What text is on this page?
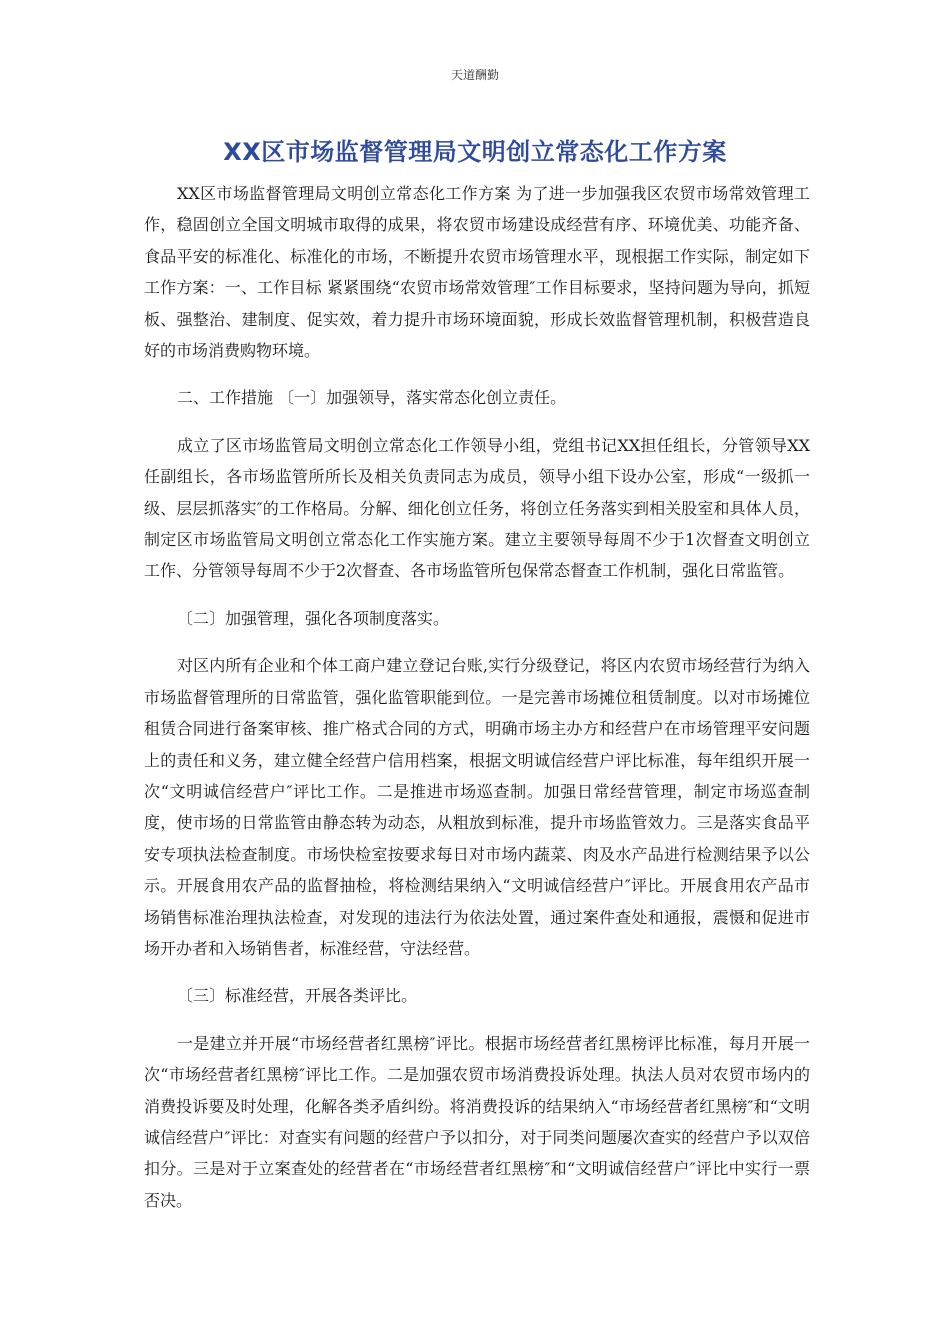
天道酬勤
XX区市场监督管理局文明创立常态化工作方案

XX区市场监督管理局文明创立常态化工作方案 为了进一步加强我区农贸市场常效管理工作，稳固创立全国文明城市取得的成果，将农贸市场建设成经营有序、环境优美、功能齐备、食品平安的标准化、标准化的市场，不断提升农贸市场管理水平，现根据工作实际，制定如下工作方案：一、工作目标 紧紧围绕“农贸市场常效管理″工作目标要求，坚持问题为导向，抓短板、强整治、建制度、促实效，着力提升市场环境面貌，形成长效监督管理机制，积极营造良好的市场消费购物环境。

二、工作措施 〔一〕加强领导，落实常态化创立责任。

成立了区市场监管局文明创立常态化工作领导小组，党组书记XX担任组长，分管领导XX任副组长，各市场监管所所长及相关负责同志为成员，领导小组下设办公室，形成“一级抓一级、层层抓落实″的工作格局。分解、细化创立任务，将创立任务落实到相关股室和具体人员，制定区市场监管局文明创立常态化工作实施方案。建立主要领导每周不少于1次督查文明创立工作、分管领导每周不少于2次督查、各市场监管所包保常态督查工作机制，强化日常监管。

〔二〕加强管理，强化各项制度落实。

对区内所有企业和个体工商户建立登记台账,实行分级登记，将区内农贸市场经营行为纳入市场监督管理所的日常监管，强化监管职能到位。一是完善市场摊位租赁制度。以对市场摊位租赁合同进行备案审核、推广格式合同的方式，明确市场主办方和经营户在市场管理平安问题上的责任和义务，建立健全经营户信用档案，根据文明诚信经营户评比标准，每年组织开展一次“文明诚信经营户″评比工作。二是推进市场巡查制。加强日常经营管理，制定市场巡查制度，使市场的日常监管由静态转为动态，从粗放到标准，提升市场监管效力。三是落实食品平安专项执法检查制度。市场快检室按要求每日对市场内蔬菜、肉及水产品进行检测结果予以公示。开展食用农产品的监督抽检，将检测结果纳入“文明诚信经营户″评比。开展食用农产品市场销售标准治理执法检查，对发现的违法行为依法处置，通过案件查处和通报，震慑和促进市场开办者和入场销售者，标准经营，守法经营。

〔三〕标准经营，开展各类评比。

一是建立并开展“市场经营者红黑榜″评比。根据市场经营者红黑榜评比标准，每月开展一次“市场经营者红黑榜″评比工作。二是加强农贸市场消费投诉处理。执法人员对农贸市场内的消费投诉要及时处理，化解各类矛盾纠纷。将消费投诉的结果纳入“市场经营者红黑榜″和“文明诚信经营户″评比：对查实有问题的经营户予以扣分，对于同类问题屡次查实的经营户予以双倍扣分。三是对于立案查处的经营者在“市场经营者红黑榜″和“文明诚信经营户″评比中实行一票否决。
